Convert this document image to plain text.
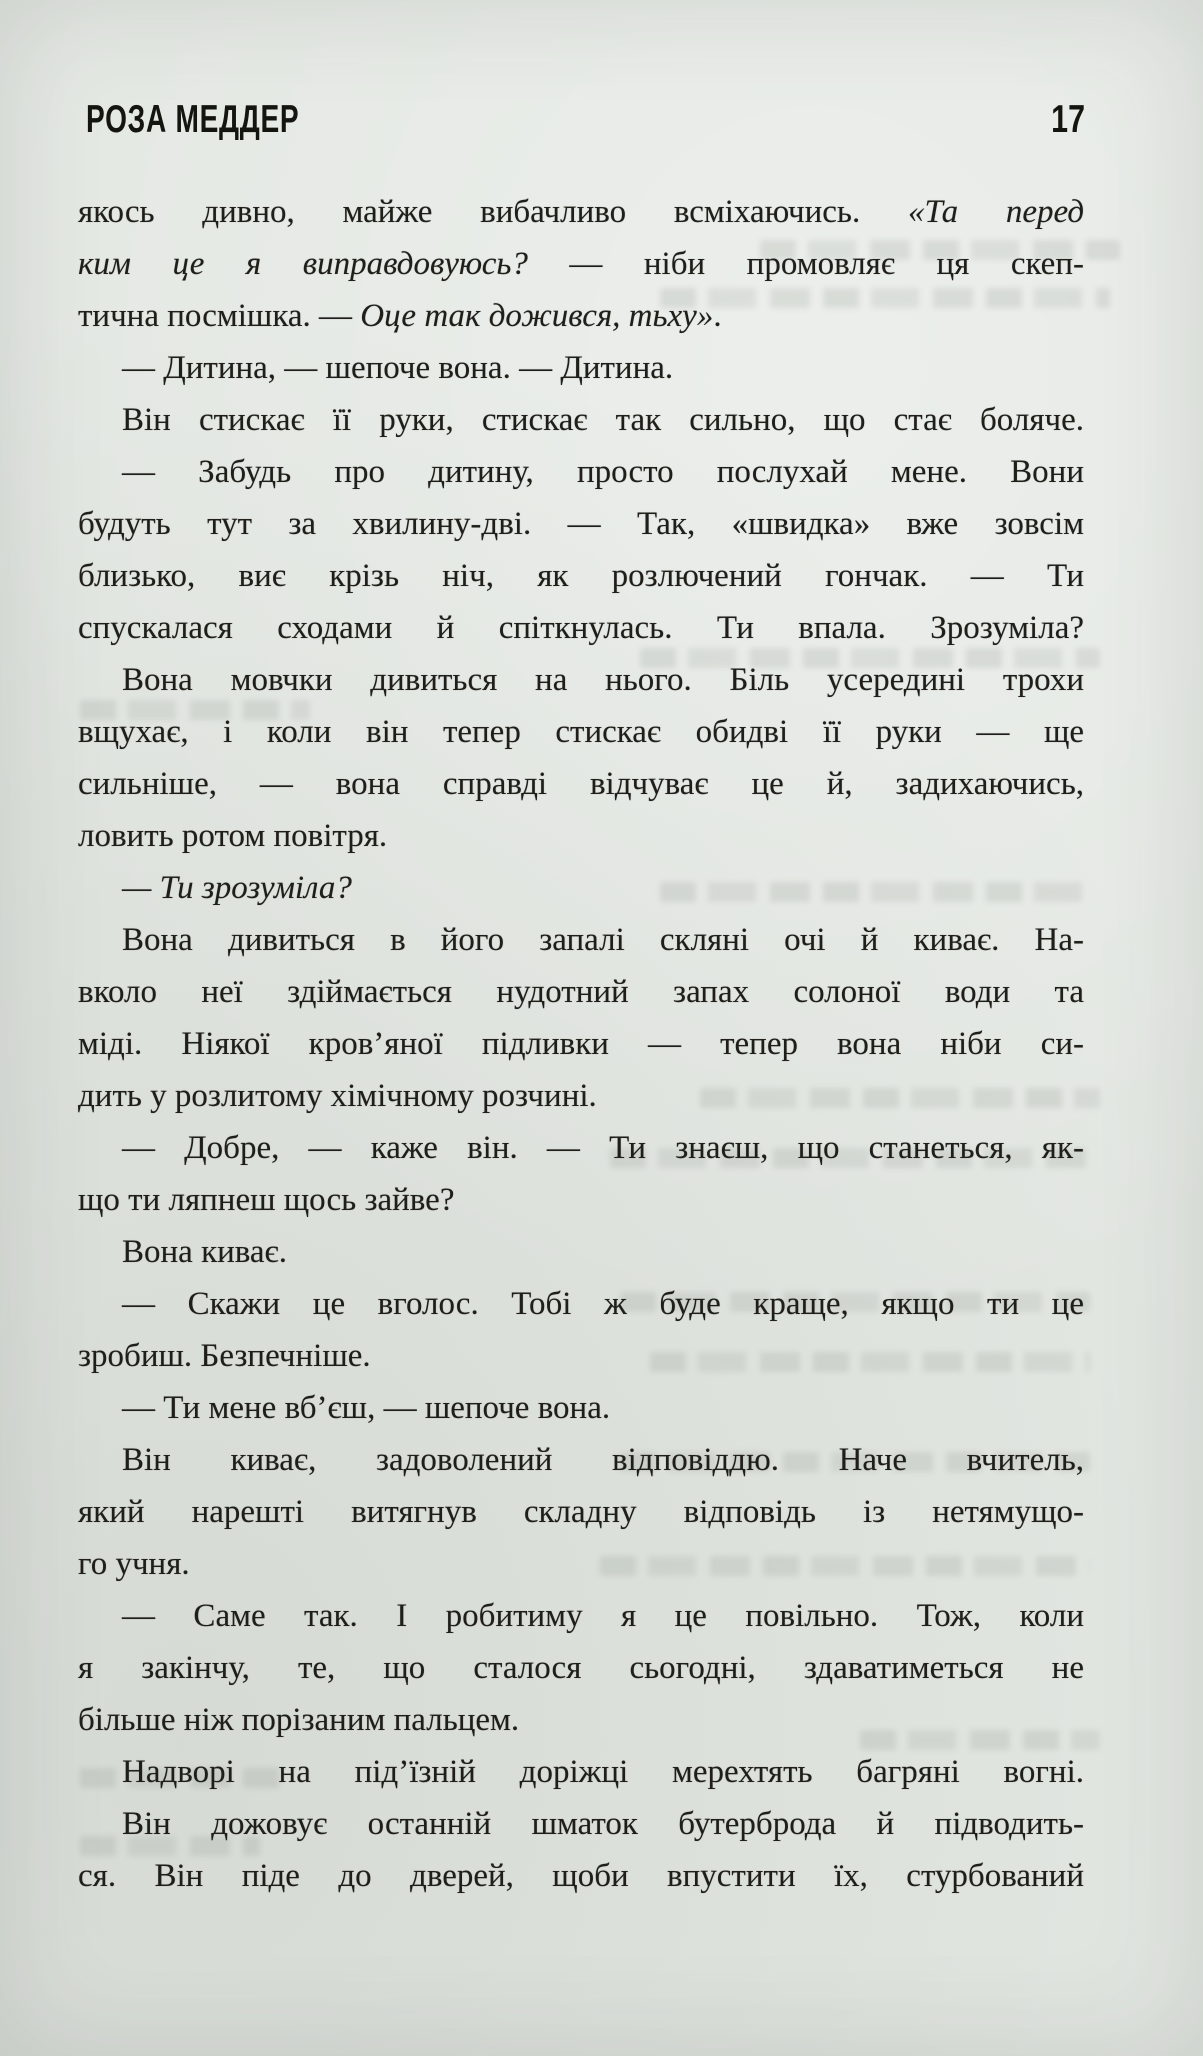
РОЗА МЕДДЕР	17
якось дивно, майже вибачливо всміхаючись. «Та перед
ким це я виправдовуюсь? — ніби промовляє ця скеп-
тична посмішка. — Оце так дожився, тьху».
— Дитина, — шепоче вона. — Дитина.
Він стискає її руки, стискає так сильно, що стає боляче.
— Забудь про дитину, просто послухай мене. Вони
будуть тут за хвилину-дві. — Так, «швидка» вже зовсім
близько, виє крізь ніч, як розлючений гончак. — Ти
спускалася сходами й спіткнулась. Ти впала. Зрозуміла?
Вона мовчки дивиться на нього. Біль усередині трохи
вщухає, і коли він тепер стискає обидві її руки — ще
сильніше, — вона справді відчуває це й, задихаючись,
ловить ротом повітря.
— Ти зрозуміла?
Вона дивиться в його запалі скляні очі й киває. На-
вколо неї здіймається нудотний запах солоної води та
міді. Ніякої кров’яної підливки — тепер вона ніби си-
дить у розлитому хімічному розчині.
— Добре, — каже він. — Ти знаєш, що станеться, як-
що ти ляпнеш щось зайве?
Вона киває.
— Скажи це вголос. Тобі ж буде краще, якщо ти це
зробиш. Безпечніше.
— Ти мене вб’єш, — шепоче вона.
Він киває, задоволений відповіддю. Наче вчитель,
який нарешті витягнув складну відповідь із нетямущо-
го учня.
— Саме так. І робитиму я це повільно. Тож, коли
я закінчу, те, що сталося сьогодні, здаватиметься не
більше ніж порізаним пальцем.
Надворі на під’їзній доріжці мерехтять багряні вогні.
Він дожовує останній шматок бутерброда й підводить-
ся. Він піде до дверей, щоби впустити їх, стурбований
